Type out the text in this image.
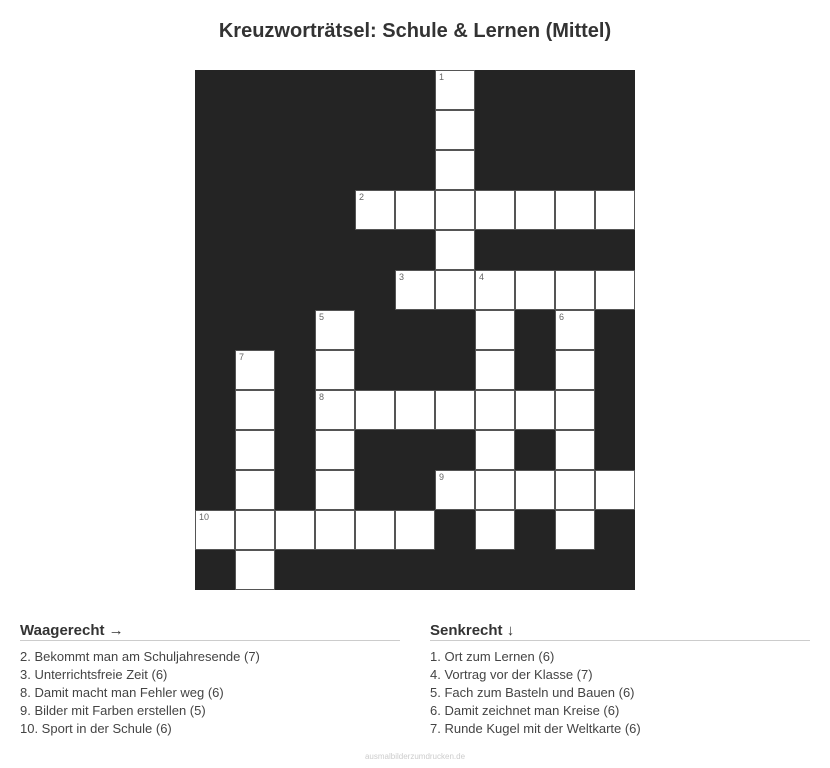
Kreuzworträtsel: Schule & Lernen (Mittel)
1
2
3	4
5	6
7
8
9
10
Waagerecht →
2. Bekommt man am Schuljahresende (7)
3. Unterrichtsfreie Zeit (6)
8. Damit macht man Fehler weg (6)
9. Bilder mit Farben erstellen (5)
10. Sport in der Schule (6)
Senkrecht ↓
1. Ort zum Lernen (6)
4. Vortrag vor der Klasse (7)
5. Fach zum Basteln und Bauen (6)
6. Damit zeichnet man Kreise (6)
7. Runde Kugel mit der Weltkarte (6)
ausmalbilderzumdrucken.de
